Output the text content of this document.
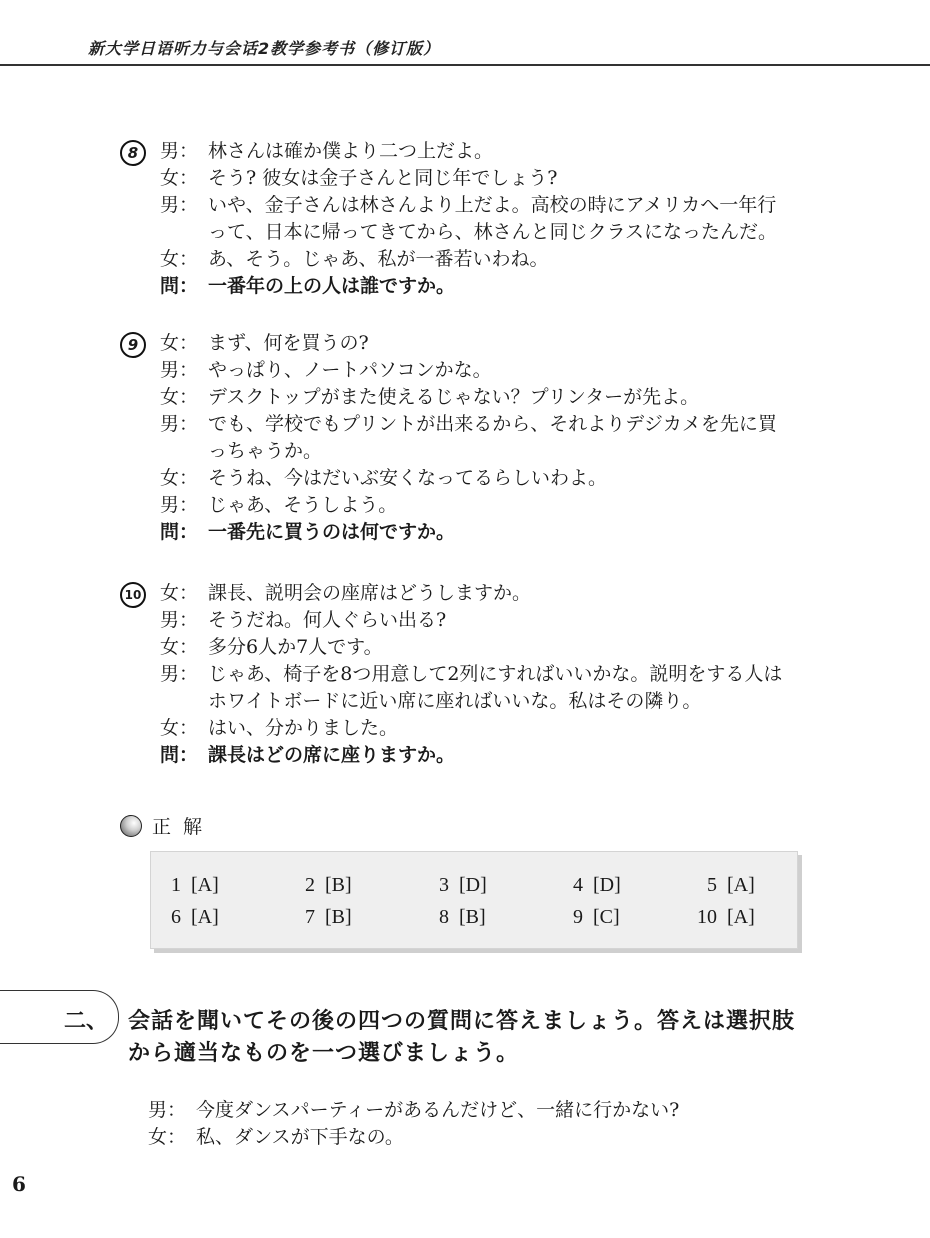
新大学日语听力与会话2教学参考书（修订版）
8	男： 林さんは確か僕より二つ上だよ。
女： そう? 彼女は金子さんと同じ年でしょう?
男： いや、金子さんは林さんより上だよ。高校の時にアメリカへ一年行
って、日本に帰ってきてから、林さんと同じクラスになったんだ。
女： あ、そう。じゃあ、私が一番若いわね。
問： 一番年の上の人は誰ですか。
9	女： まず、何を買うの?
男： やっぱり、ノートパソコンかな。
女： デスクトップがまた使えるじゃない？プリンターが先よ。
男： でも、学校でもプリントが出来るから、それよりデジカメを先に買
っちゃうか。
女： そうね、今はだいぶ安くなってるらしいわよ。
男： じゃあ、そうしよう。
問： 一番先に買うのは何ですか。
10 女： 課長、説明会の座席はどうしますか。
男： そうだね。何人ぐらい出る?
女： 多分6人か7人です。
男： じゃあ、椅子を8つ用意して2列にすればいいかな。説明をする人は
ホワイトボードに近い席に座ればいいな。私はその隣り。
女： はい、分かりました。
問： 課長はどの席に座りますか。
正解
1 [A]	2 [B]	3 [D]	4 [D]	5 [A]
6 [A]	7 [B]	8 [B]	9 [C]	10 [A]
二、 会話を聞いてその後の四つの質問に答えましょう。答えは選択肢
から適当なものを一つ選びましょう。
男： 今度ダンスパーティーがあるんだけど、一緒に行かない?
女： 私、ダンスが下手なの。
6
